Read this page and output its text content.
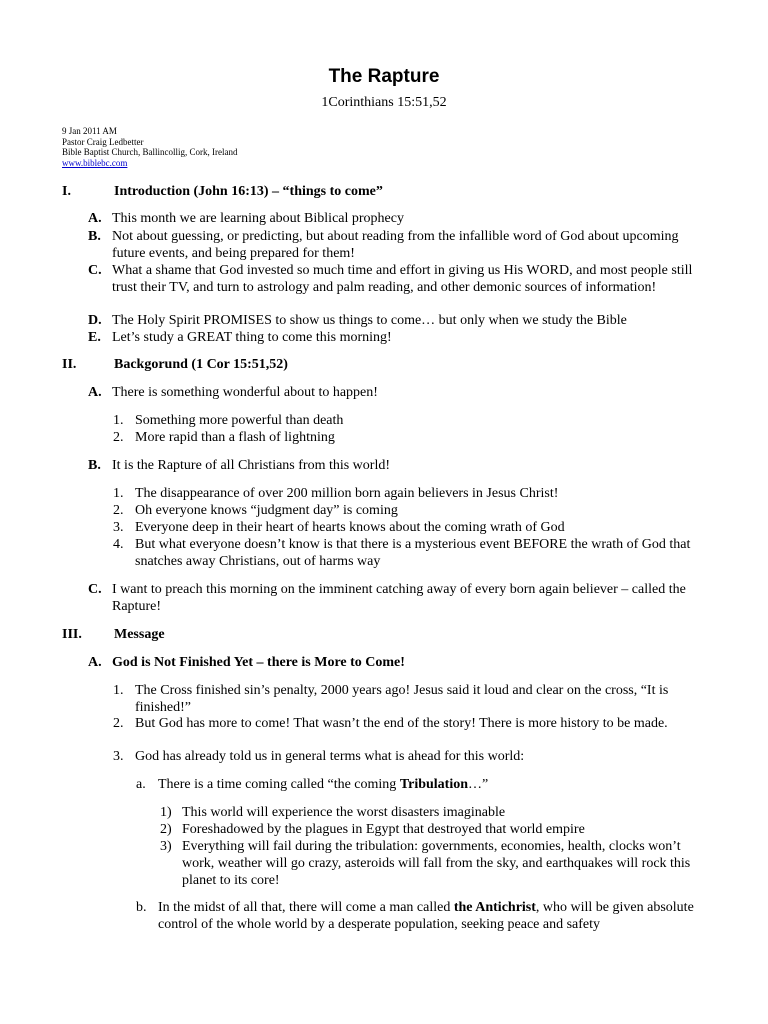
The Rapture
1Corinthians 15:51,52
9 Jan 2011 AM
Pastor Craig Ledbetter
Bible Baptist Church, Ballincollig, Cork, Ireland
www.biblebc.com
I.	Introduction (John 16:13) – “things to come”
A. This month we are learning about Biblical prophecy
B. Not about guessing, or predicting, but about reading from the infallible word of God about upcoming future events, and being prepared for them!
C. What a shame that God invested so much time and effort in giving us His WORD, and most people still trust their TV, and turn to astrology and palm reading, and other demonic sources of information!
D. The Holy Spirit PROMISES to show us things to come… but only when we study the Bible
E. Let’s study a GREAT thing to come this morning!
II.	Backgorund (1 Cor 15:51,52)
A. There is something wonderful about to happen!
1. Something more powerful than death
2. More rapid than a flash of lightning
B. It is the Rapture of all Christians from this world!
1. The disappearance of over 200 million born again believers in Jesus Christ!
2. Oh everyone knows “judgment day” is coming
3. Everyone deep in their heart of hearts knows about the coming wrath of God
4. But what everyone doesn’t know is that there is a mysterious event BEFORE the wrath of God that snatches away Christians, out of harms way
C. I want to preach this morning on the imminent catching away of every born again believer – called the Rapture!
III. Message
A. God is Not Finished Yet – there is More to Come!
1. The Cross finished sin’s penalty, 2000 years ago! Jesus said it loud and clear on the cross, “It is finished!”
2. But God has more to come! That wasn’t the end of the story! There is more history to be made.
3. God has already told us in general terms what is ahead for this world:
a. There is a time coming called “the coming Tribulation…”
1) This world will experience the worst disasters imaginable
2) Foreshadowed by the plagues in Egypt that destroyed that world empire
3) Everything will fail during the tribulation: governments, economies, health, clocks won’t work, weather will go crazy, asteroids will fall from the sky, and earthquakes will rock this planet to its core!
b. In the midst of all that, there will come a man called the Antichrist, who will be given absolute control of the whole world by a desperate population, seeking peace and safety
